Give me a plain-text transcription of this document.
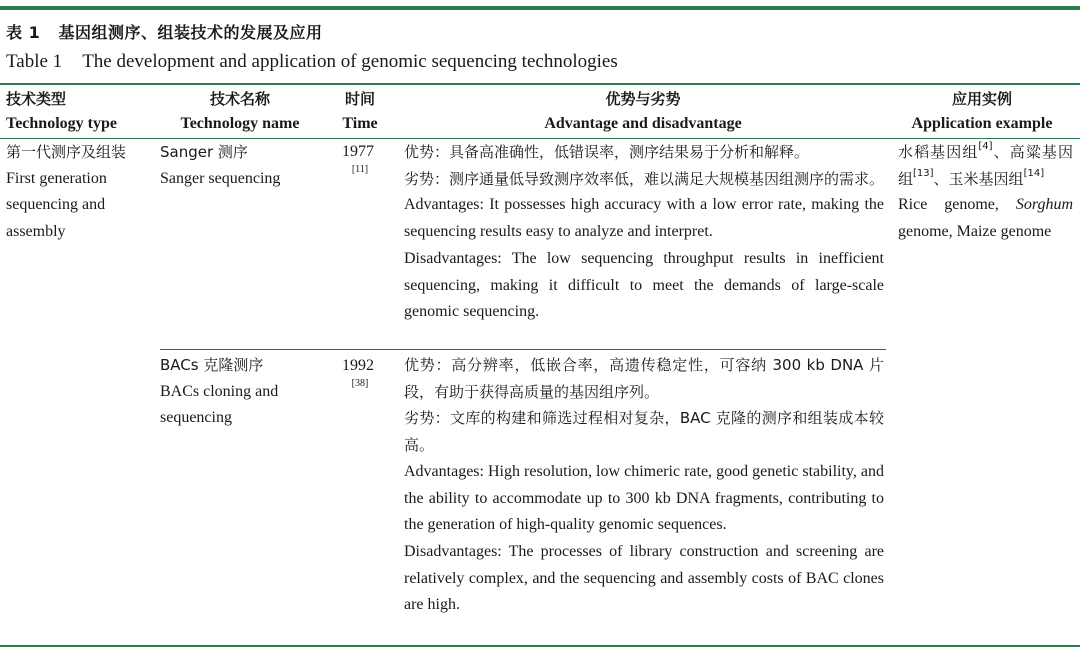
表 1 基因组测序、组装技术的发展及应用
Table 1 The development and application of genomic sequencing technologies
技术类型
Technology type
技术名称
Technology name
时间
Time
优势与劣势
Advantage and disadvantage
应用实例
Application example
第一代测序及组装
First generation
sequencing and
assembly
Sanger 测序
Sanger sequencing
1977
[11]
优势：具备高准确性，低错误率，测序结果易于分析和解释。
劣势：测序通量低导致测序效率低，难以满足大规模基因组测序的需求。
Advantages: It possesses high accuracy with a low error rate, making the sequencing results easy to analyze and interpret.
Disadvantages: The low sequencing throughput results in inefficient sequencing, making it difficult to meet the demands of large-scale genomic sequencing.
水稻基因组[4]、高粱基因组[13]、玉米基因组[14]
Rice genome, Sorghum genome, Maize genome
BACs 克隆测序
BACs cloning and
sequencing
1992
[38]
优势：高分辨率，低嵌合率，高遗传稳定性，可容纳 300 kb DNA 片段，有助于获得高质量的基因组序列。
劣势：文库的构建和筛选过程相对复杂，BAC 克隆的测序和组装成本较高。
Advantages: High resolution, low chimeric rate, good genetic stability, and the ability to accommodate up to 300 kb DNA fragments, contributing to the generation of high-quality genomic sequences.
Disadvantages: The processes of library construction and screening are relatively complex, and the sequencing and assembly costs of BAC clones are high.
